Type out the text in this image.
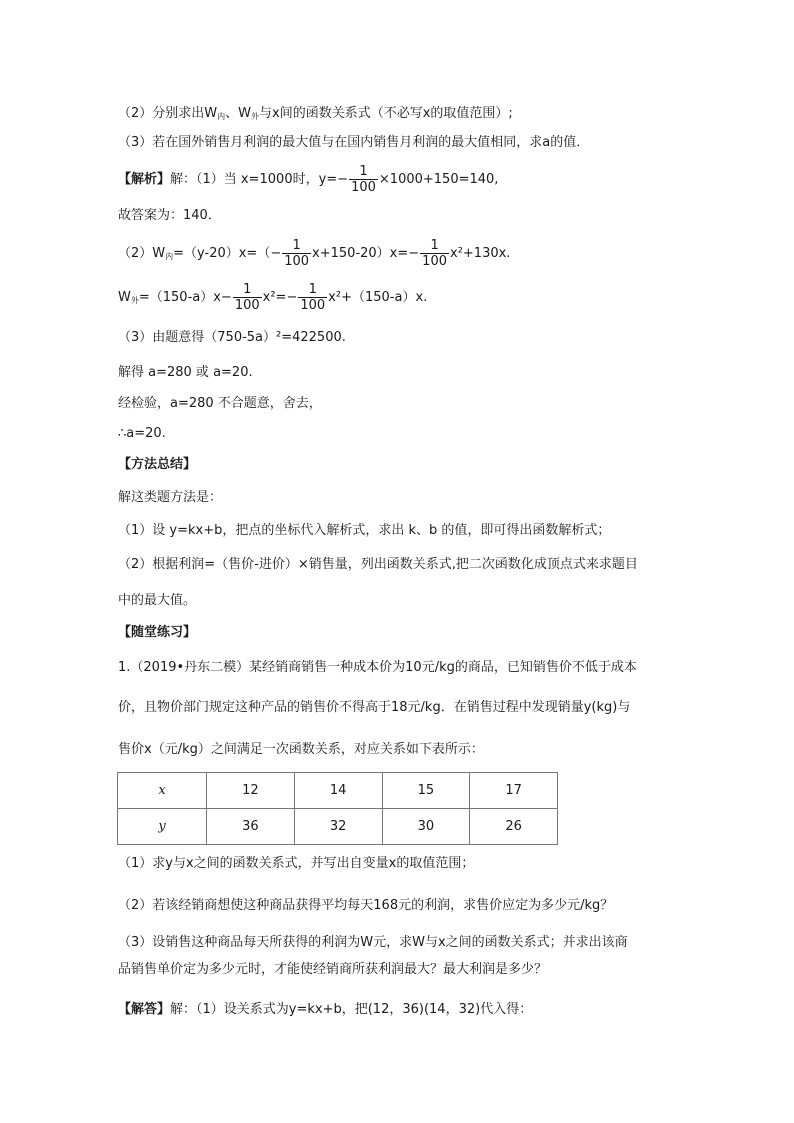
（2）分别求出$W_内$、$W_外$与x间的函数关系式（不必写x的取值范围）;
（3）若在国外销售月利润的最大值与在国内销售月利润的最大值相同，求a的值．
【解析】解：（1）当 x=1000时，$y=- \frac{1}{100} \times 1000+150=140$,
故答案为：140．
$(2)W_内=(y-20)x=(- \frac{1}{100} x+150-20)x=- \frac{1}{100} x^2+130x$.
$W_外=(150-a)x- \frac{1}{100} x^2=- \frac{1}{100} x^2+(150-a)x$.
（3）由题意得（750-5a）²=422500.
解得 a=280 或 a=20.
经检验，a=280 不合题意，舍去，
∴a=20.
【方法总结】
解这类题方法是：
（1）设 y=kx+b，把点的坐标代入解析式，求出 k、b 的值，即可得出函数解析式；
（2）根据利润=（售价-进价）×销售量，列出函数关系式,把二次函数化成顶点式来求题目
中的最大值。
【随堂练习】
1.（2019•丹东二模）某经销商销售一种成本价为10元/kg的商品，已知销售价不低于成本
价，且物价部门规定这种产品的销售价不得高于18元/kg．在销售过程中发现销量y(kg)与
售价x（元/kg）之间满足一次函数关系，对应关系如下表所示：
x	12	14	15	17
y	36	32	30	26
（1）求y与x之间的函数关系式，并写出自变量x的取值范围；
（2）若该经销商想使这种商品获得平均每天168元的利润，求售价应定为多少元/kg？
（3）设销售这种商品每天所获得的利润为W元，求W与x之间的函数关系式；并求出该商
品销售单价定为多少元时，才能使经销商所获利润最大？最大利润是多少？
【解答】解：（1）设关系式为y=kx+b，把(12，36)(14，32)代入得：
